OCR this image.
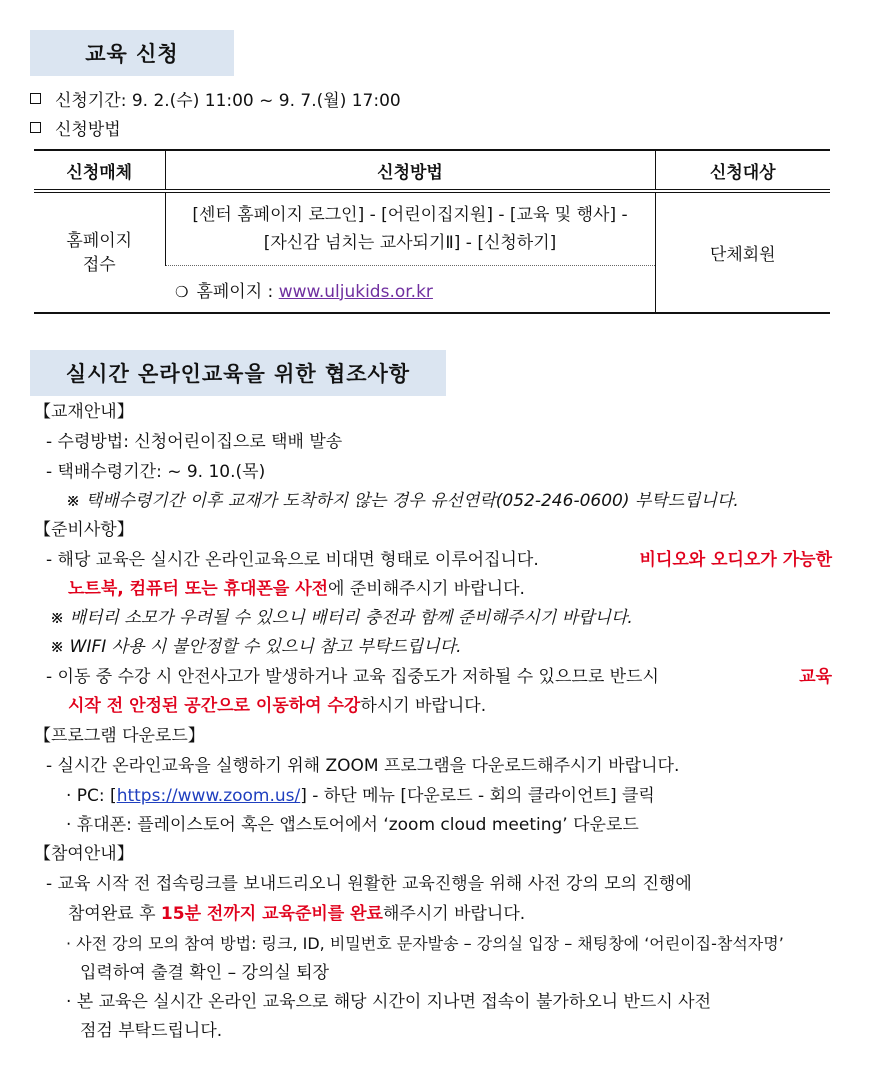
교육 신청
신청기간: 9. 2.(수) 11:00 ~ 9. 7.(월) 17:00
신청방법
신청매체	신청방법	신청대상
홈페이지
접수	[센터 홈페이지 로그인] - [어린이집지원] - [교육 및 행사] - [자신감 넘치는 교사되기Ⅱ] - [신청하기]	단체회원
	❍ 홈페이지 : www.uljukids.or.kr	
실시간 온라인교육을 위한 협조사항
【교재안내】
- 수령방법: 신청어린이집으로 택배 발송
- 택배수령기간: ~ 9. 10.(목)
※ 택배수령기간 이후 교재가 도착하지 않는 경우 유선연락(052-246-0600) 부탁드립니다.
【준비사항】
- 해당 교육은 실시간 온라인교육으로 비대면 형태로 이루어집니다.	비디오와 오디오가 가능한
노트북, 컴퓨터 또는 휴대폰을 사전에 준비해주시기 바랍니다.
※ 배터리 소모가 우려될 수 있으니 배터리 충전과 함께 준비해주시기 바랍니다.
※ WIFI 사용 시 불안정할 수 있으니 참고 부탁드립니다.
- 이동 중 수강 시 안전사고가 발생하거나 교육 집중도가 저하될 수 있으므로 반드시	교육
시작 전 안정된 공간으로 이동하여 수강하시기 바랍니다.
【프로그램 다운로드】
- 실시간 온라인교육을 실행하기 위해 ZOOM 프로그램을 다운로드해주시기 바랍니다.
· PC: [https://www.zoom.us/] - 하단 메뉴 [다운로드 - 회의 클라이언트] 클릭
· 휴대폰: 플레이스토어 혹은 앱스토어에서 ‘zoom cloud meeting’ 다운로드
【참여안내】
- 교육 시작 전 접속링크를 보내드리오니 원활한 교육진행을 위해 사전 강의 모의 진행에
참여완료 후 15분 전까지 교육준비를 완료해주시기 바랍니다.
· 사전 강의 모의 참여 방법: 링크, ID, 비밀번호 문자발송 – 강의실 입장 – 채팅창에 ‘어린이집-참석자명’
입력하여 출결 확인 – 강의실 퇴장
· 본 교육은 실시간 온라인 교육으로 해당 시간이 지나면 접속이 불가하오니 반드시 사전
점검 부탁드립니다.
